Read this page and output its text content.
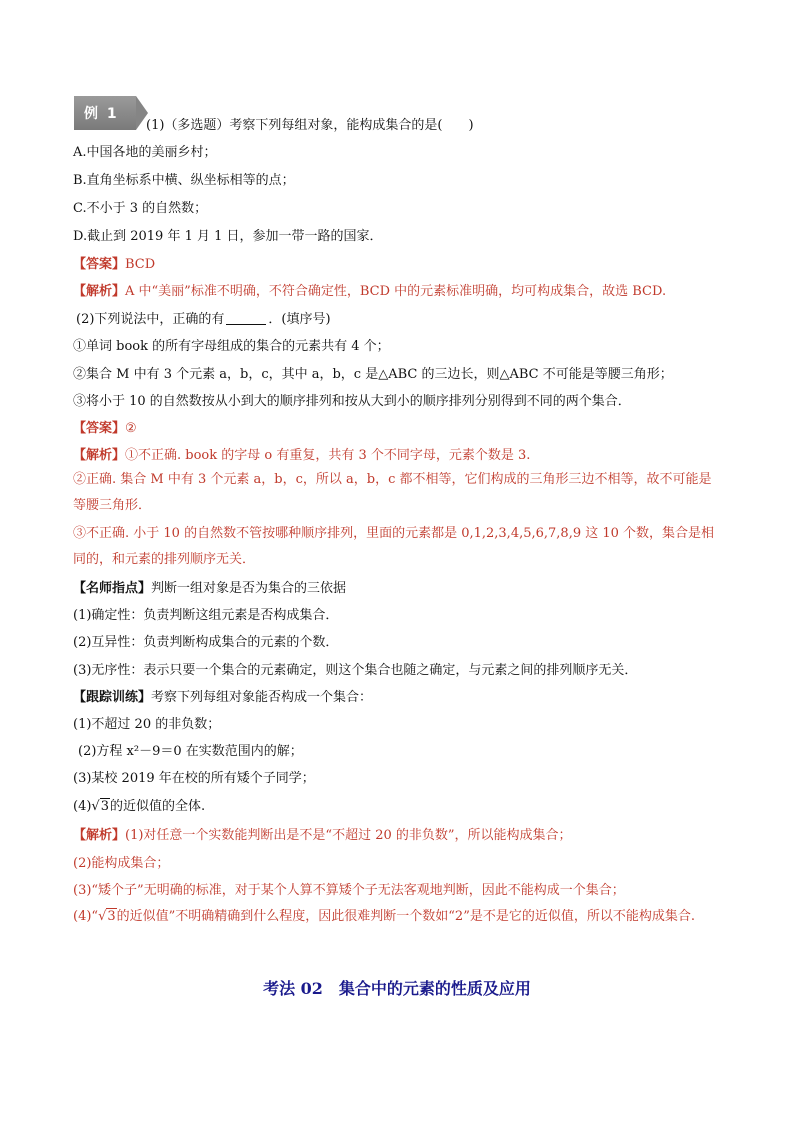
例 1
(1)（多选题）考察下列每组对象，能构成集合的是(　　)
A.中国各地的美丽乡村；
B.直角坐标系中横、纵坐标相等的点；
C.不小于 3 的自然数；
D.截止到 2019 年 1 月 1 日，参加一带一路的国家．
【答案】BCD
【解析】A 中“美丽”标准不明确，不符合确定性，BCD 中的元素标准明确，均可构成集合，故选 BCD.
(2)下列说法中，正确的有	．(填序号)
①单词 book 的所有字母组成的集合的元素共有 4 个；
②集合 M 中有 3 个元素 a，b，c，其中 a，b，c 是△ABC 的三边长，则△ABC 不可能是等腰三角形；
③将小于 10 的自然数按从小到大的顺序排列和按从大到小的顺序排列分别得到不同的两个集合．
【答案】②
【解析】①不正确. book 的字母 o 有重复，共有 3 个不同字母，元素个数是 3.
②正确. 集合 M 中有 3 个元素 a，b，c，所以 a，b，c 都不相等，它们构成的三角形三边不相等，故不可能是等腰三角形．
③不正确. 小于 10 的自然数不管按哪种顺序排列，里面的元素都是 0,1,2,3,4,5,6,7,8,9 这 10 个数，集合是相同的，和元素的排列顺序无关．
【名师指点】判断一组对象是否为集合的三依据
(1)确定性：负责判断这组元素是否构成集合．
(2)互异性：负责判断构成集合的元素的个数．
(3)无序性：表示只要一个集合的元素确定，则这个集合也随之确定，与元素之间的排列顺序无关．
【跟踪训练】考察下列每组对象能否构成一个集合：
(1)不超过 20 的非负数；
(2)方程 x²－9＝0 在实数范围内的解；
(3)某校 2019 年在校的所有矮个子同学；
(4)√3的近似值的全体.
【解析】(1)对任意一个实数能判断出是不是“不超过 20 的非负数”，所以能构成集合；
(2)能构成集合；
(3)“矮个子”无明确的标准，对于某个人算不算矮个子无法客观地判断，因此不能构成一个集合；
(4)“√3的近似值”不明确精确到什么程度，因此很难判断一个数如“2”是不是它的近似值，所以不能构成集合.
考法 02　集合中的元素的性质及应用
